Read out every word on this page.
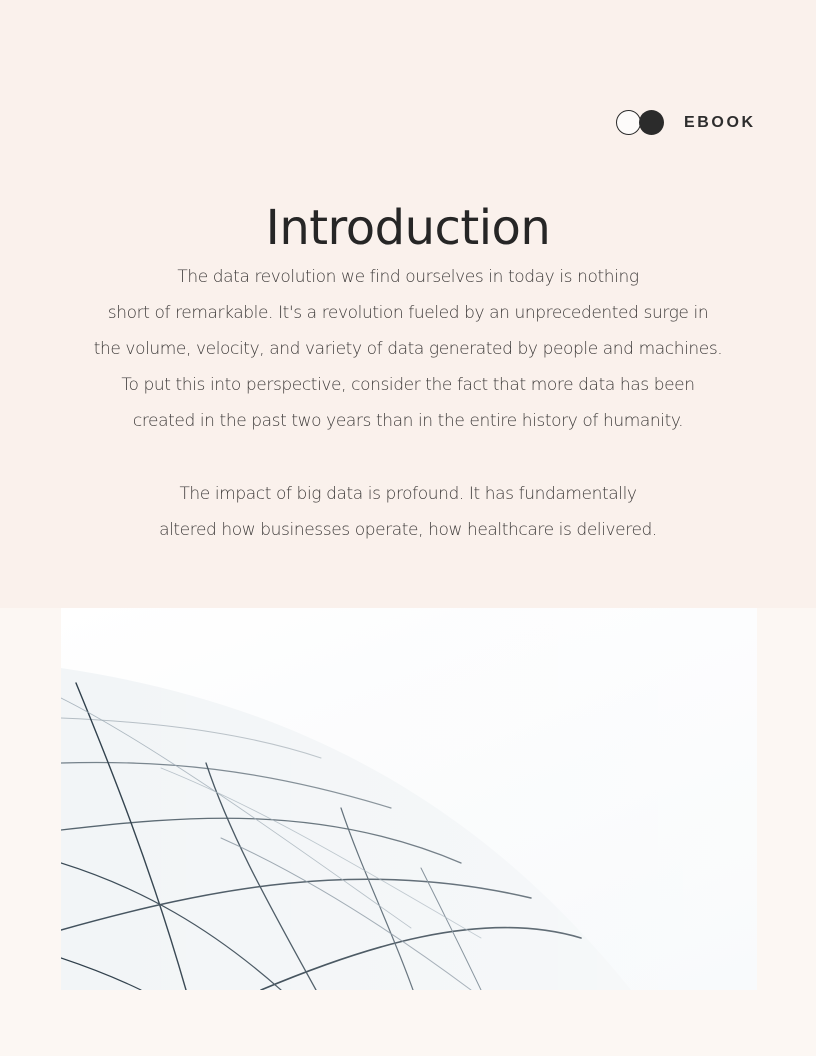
EBOOK
Introduction
The data revolution we find ourselves in today is nothing
short of remarkable. It's a revolution fueled by an unprecedented surge in
the volume, velocity, and variety of data generated by people and machines.
To put this into perspective, consider the fact that more data has been
created in the past two years than in the entire history of humanity.
The impact of big data is profound. It has fundamentally
altered how businesses operate, how healthcare is delivered.
